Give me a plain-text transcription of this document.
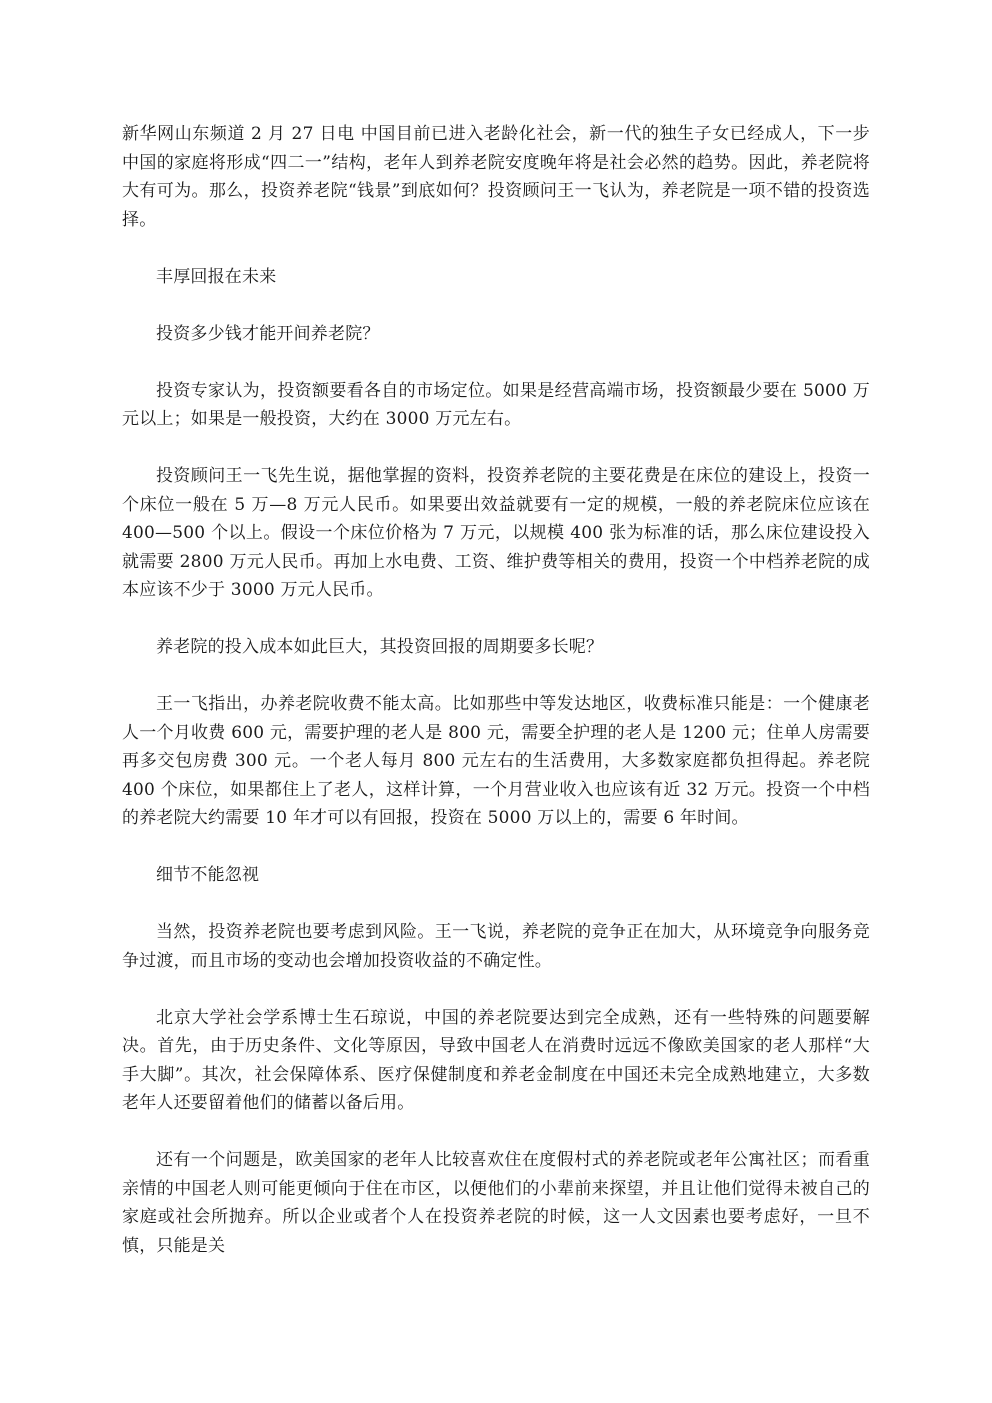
新华网山东频道 2 月 27 日电 中国目前已进入老龄化社会，新一代的独生子女已经成人，下一步中国的家庭将形成“四二一”结构，老年人到养老院安度晚年将是社会必然的趋势。因此，养老院将大有可为。那么，投资养老院“钱景”到底如何？投资顾问王一飞认为，养老院是一项不错的投资选择。

丰厚回报在未来

投资多少钱才能开间养老院？

投资专家认为，投资额要看各自的市场定位。如果是经营高端市场，投资额最少要在 5000 万元以上；如果是一般投资，大约在 3000 万元左右。

投资顾问王一飞先生说，据他掌握的资料，投资养老院的主要花费是在床位的建设上，投资一个床位一般在 5 万—8 万元人民币。如果要出效益就要有一定的规模，一般的养老院床位应该在 400—500 个以上。假设一个床位价格为 7 万元，以规模 400 张为标准的话，那么床位建设投入就需要 2800 万元人民币。再加上水电费、工资、维护费等相关的费用，投资一个中档养老院的成本应该不少于 3000 万元人民币。

养老院的投入成本如此巨大，其投资回报的周期要多长呢？

王一飞指出，办养老院收费不能太高。比如那些中等发达地区，收费标准只能是：一个健康老人一个月收费 600 元，需要护理的老人是 800 元，需要全护理的老人是 1200 元；住单人房需要再多交包房费 300 元。一个老人每月 800 元左右的生活费用，大多数家庭都负担得起。养老院 400 个床位，如果都住上了老人，这样计算，一个月营业收入也应该有近 32 万元。投资一个中档的养老院大约需要 10 年才可以有回报，投资在 5000 万以上的，需要 6 年时间。

细节不能忽视

当然，投资养老院也要考虑到风险。王一飞说，养老院的竞争正在加大，从环境竞争向服务竞争过渡，而且市场的变动也会增加投资收益的不确定性。

北京大学社会学系博士生石琼说，中国的养老院要达到完全成熟，还有一些特殊的问题要解决。首先，由于历史条件、文化等原因，导致中国老人在消费时远远不像欧美国家的老人那样“大手大脚”。其次，社会保障体系、医疗保健制度和养老金制度在中国还未完全成熟地建立，大多数老年人还要留着他们的储蓄以备后用。

还有一个问题是，欧美国家的老年人比较喜欢住在度假村式的养老院或老年公寓社区；而看重亲情的中国老人则可能更倾向于住在市区，以便他们的小辈前来探望，并且让他们觉得未被自己的家庭或社会所抛弃。所以企业或者个人在投资养老院的时候，这一人文因素也要考虑好，一旦不慎，只能是关
